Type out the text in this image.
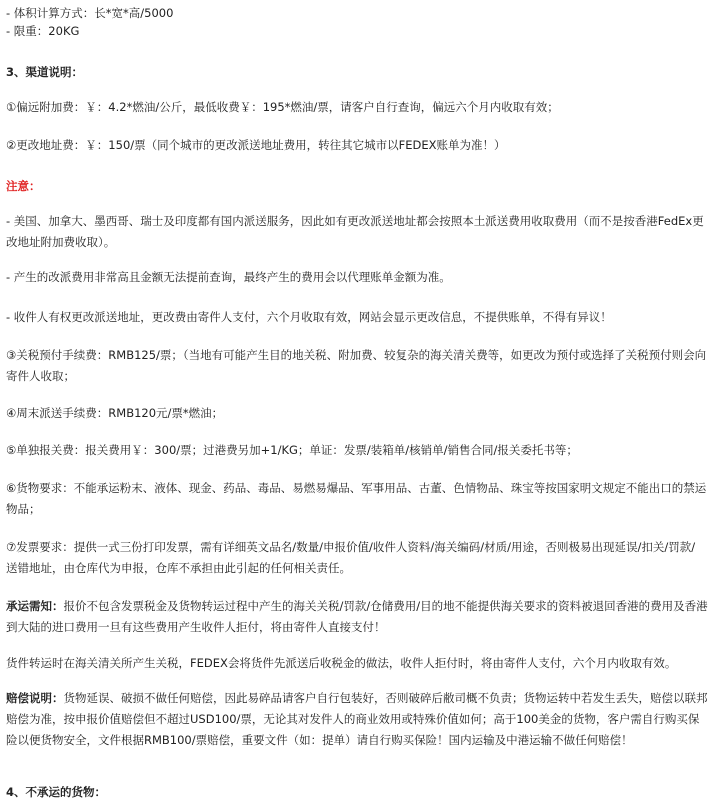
- 体积计算方式：长*宽*高/5000
- 限重：20KG
3、渠道说明：
①偏远附加费：￥：4.2*燃油/公斤，最低收费￥：195*燃油/票，请客户自行查询，偏远六个月内收取有效；
②更改地址费：￥：150/票（同个城市的更改派送地址费用，转往其它城市以FEDEX账单为准！）
注意：

- 美国、加拿大、墨西哥、瑞士及印度都有国内派送服务，因此如有更改派送地址都会按照本土派送费用收取费用（而不是按香港FedEx更改地址附加费收取）。

- 产生的改派费用非常高且金额无法提前查询，最终产生的费用会以代理账单金额为准。
- 收件人有权更改派送地址，更改费由寄件人支付，六个月收取有效，网站会显示更改信息，不提供账单，不得有异议！

③关税预付手续费：RMB125/票；（当地有可能产生目的地关税、附加费、较复杂的海关清关费等，如更改为预付或选择了关税预付则会向寄件人收取；

④周末派送手续费：RMB120元/票*燃油；
⑤单独报关费：报关费用￥：300/票；过港费另加+1/KG；单证：发票/装箱单/核销单/销售合同/报关委托书等；

⑥货物要求：不能承运粉末、液体、现金、药品、毒品、易燃易爆品、军事用品、古董、色情物品、珠宝等按国家明文规定不能出口的禁运物品；

⑦发票要求：提供一式三份打印发票，需有详细英文品名/数量/申报价值/收件人资料/海关编码/材质/用途，否则极易出现延误/扣关/罚款/ 送错地址，由仓库代为申报，仓库不承担由此引起的任何相关责任。

承运需知：报价不包含发票税金及货物转运过程中产生的海关关税/罚款/仓储费用/目的地不能提供海关要求的资料被退回香港的费用及香港到大陆的进口费用一旦有这些费用产生收件人拒付，将由寄件人直接支付！

货件转运时在海关清关所产生关税，FEDEX会将货件先派送后收税金的做法，收件人拒付时，将由寄件人支付，六个月内收取有效。

赔偿说明：货物延误、破损不做任何赔偿，因此易碎品请客户自行包装好，否则破碎后敝司概不负责；货物运转中若发生丢失，赔偿以联邦赔偿为准，按申报价值赔偿但不超过USD100/票，无论其对发件人的商业效用或特殊价值如何；高于100美金的货物，客户需自行购买保险以便货物安全，文件根据RMB100/票赔偿，重要文件（如：提单）请自行购买保险！国内运输及中港运输不做任何赔偿！

4、不承运的货物：
